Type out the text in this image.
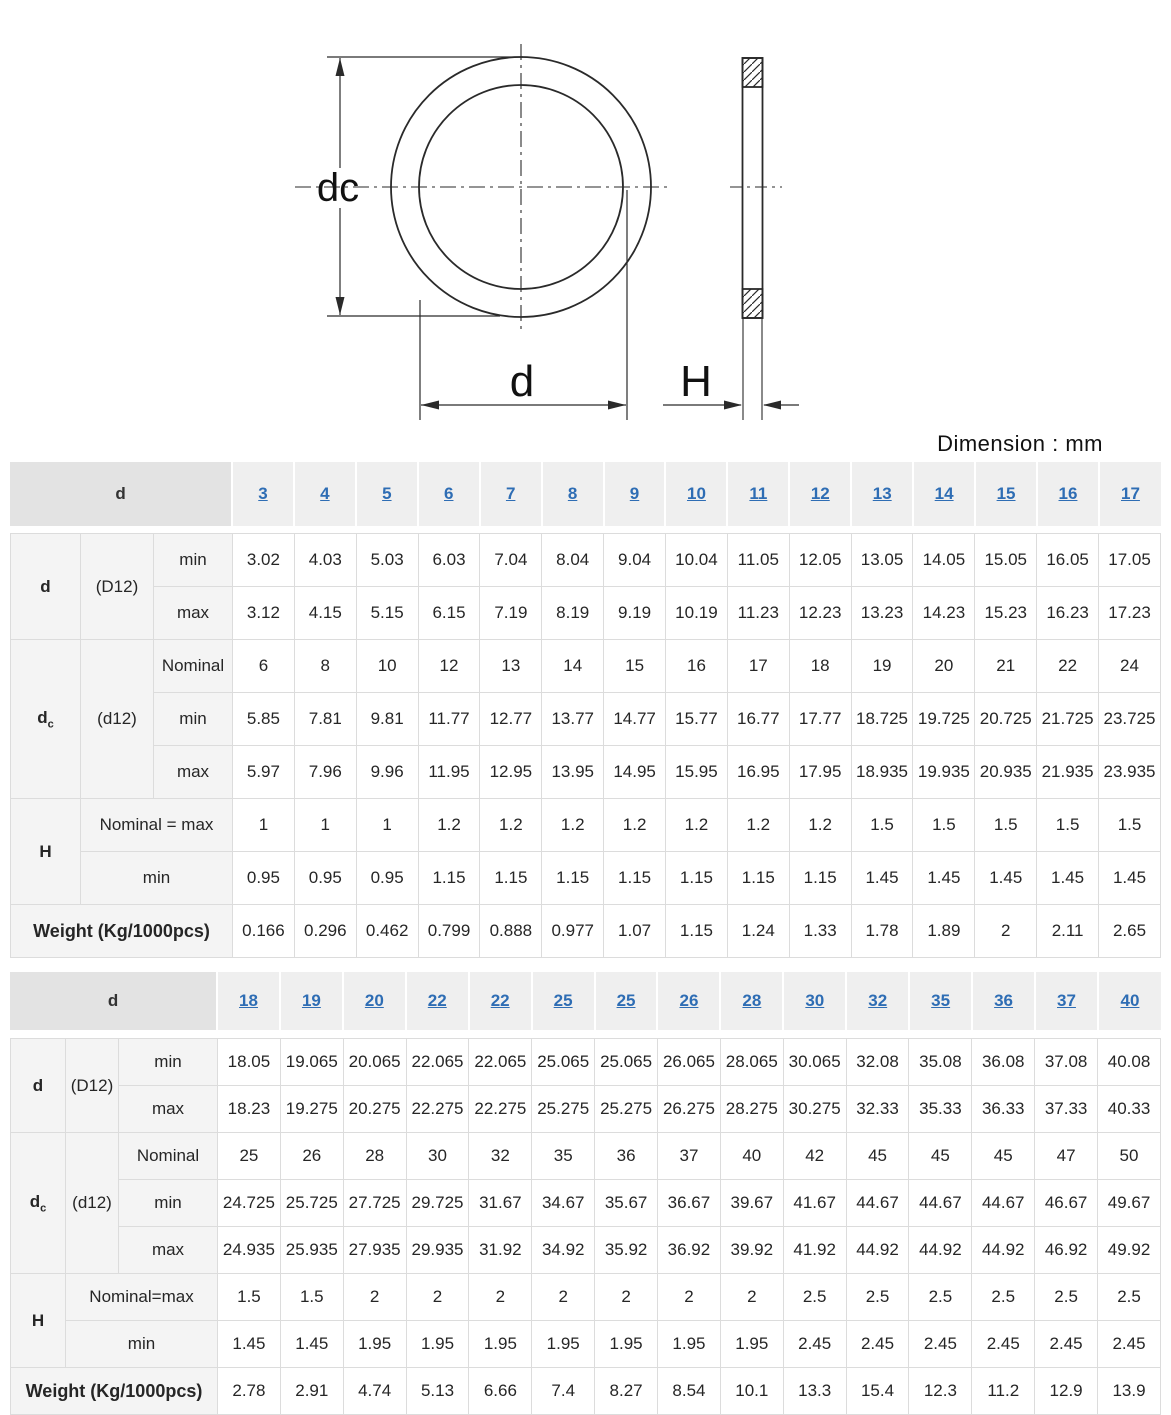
dc
d	H
Dimension : mm
d	3	4	5	6	7	8	9	10	11	12	13	14	15	16	17
d	(D12)	min	3.02	4.03	5.03	6.03	7.04	8.04	9.04	10.04	11.05	12.05	13.05	14.05	15.05	16.05	17.05
		max	3.12	4.15	5.15	6.15	7.19	8.19	9.19	10.19	11.23	12.23	13.23	14.23	15.23	16.23	17.23
$d_c$	(d12)	Nominal	6	8	10	12	13	14	15	16	17	18	19	20	21	22	24
		min	5.85	7.81	9.81	11.77	12.77	13.77	14.77	15.77	16.77	17.77	18.725	19.725	20.725	21.725	23.725
		max	5.97	7.96	9.96	11.95	12.95	13.95	14.95	15.95	16.95	17.95	18.935	19.935	20.935	21.935	23.935
H	Nominal = max		1	1	1	1.2	1.2	1.2	1.2	1.2	1.2	1.2	1.5	1.5	1.5	1.5	1.5
	min		0.95	0.95	0.95	1.15	1.15	1.15	1.15	1.15	1.15	1.15	1.45	1.45	1.45	1.45	1.45
Weight (Kg/1000pcs)			0.166	0.296	0.462	0.799	0.888	0.977	1.07	1.15	1.24	1.33	1.78	1.89	2	2.11	2.65
d	18	19	20	22	22	25	25	26	28	30	32	35	36	37	40
d	(D12)	min	18.05	19.065	20.065	22.065	22.065	25.065	25.065	26.065	28.065	30.065	32.08	35.08	36.08	37.08	40.08
		max	18.23	19.275	20.275	22.275	22.275	25.275	25.275	26.275	28.275	30.275	32.33	35.33	36.33	37.33	40.33
$d_c$	(d12)	Nominal	25	26	28	30	32	35	36	37	40	42	45	45	45	47	50
		min	24.725	25.725	27.725	29.725	31.67	34.67	35.67	36.67	39.67	41.67	44.67	44.67	44.67	46.67	49.67
		max	24.935	25.935	27.935	29.935	31.92	34.92	35.92	36.92	39.92	41.92	44.92	44.92	44.92	46.92	49.92
H	Nominal=max		1.5	1.5	2	2	2	2	2	2	2	2.5	2.5	2.5	2.5	2.5	2.5
	min		1.45	1.45	1.95	1.95	1.95	1.95	1.95	1.95	1.95	2.45	2.45	2.45	2.45	2.45	2.45
Weight (Kg/1000pcs)			2.78	2.91	4.74	5.13	6.66	7.4	8.27	8.54	10.1	13.3	15.4	12.3	11.2	12.9	13.9
